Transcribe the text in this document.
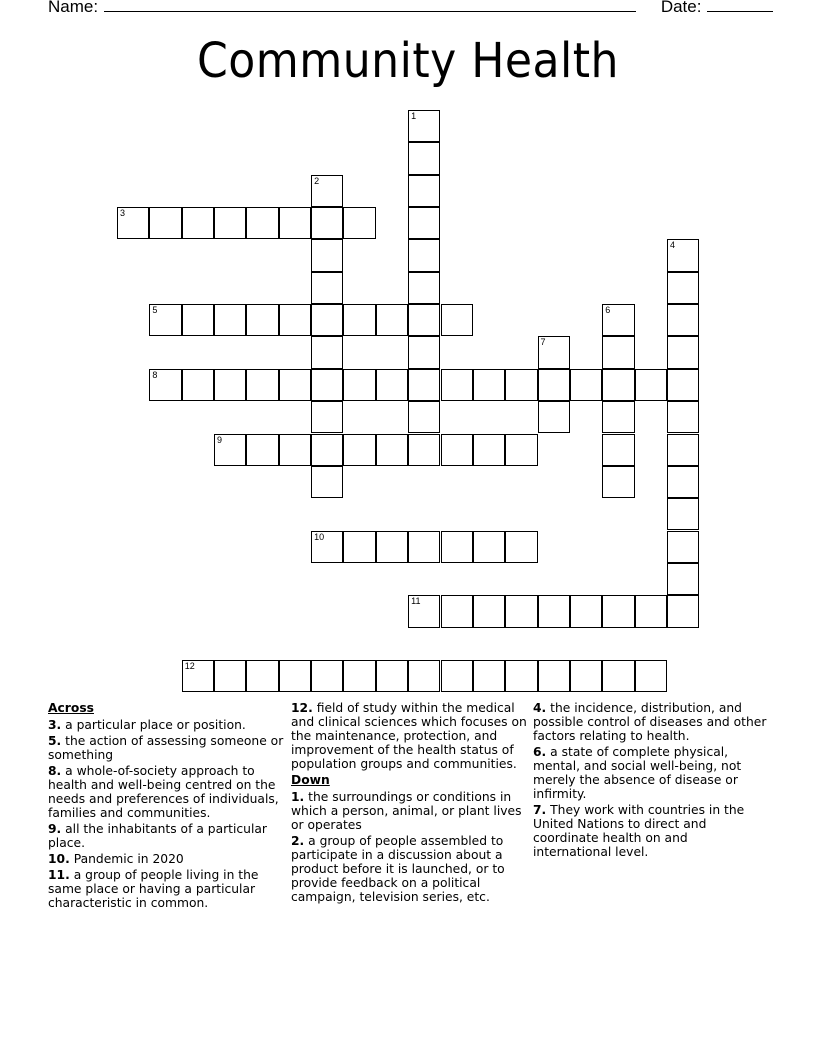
Name:	Date:
Community Health
1
2
3
4
5	6
7
8
9
10
11
12
Across
3. a particular place or position.
5. the action of assessing someone or something
8. a whole-of-society approach to health and well-being centred on the needs and preferences of individuals, families and communities.
9. all the inhabitants of a particular place.
10. Pandemic in 2020
11. a group of people living in the same place or having a particular characteristic in common.
12. field of study within the medical and clinical sciences which focuses on the maintenance, protection, and improvement of the health status of population groups and communities.
Down
1. the surroundings or conditions in which a person, animal, or plant lives or operates
2. a group of people assembled to participate in a discussion about a product before it is launched, or to provide feedback on a political campaign, television series, etc.
4. the incidence, distribution, and possible control of diseases and other factors relating to health.
6. a state of complete physical, mental, and social well-being, not merely the absence of disease or infirmity.
7. They work with countries in the United Nations to direct and coordinate health on and international level.
